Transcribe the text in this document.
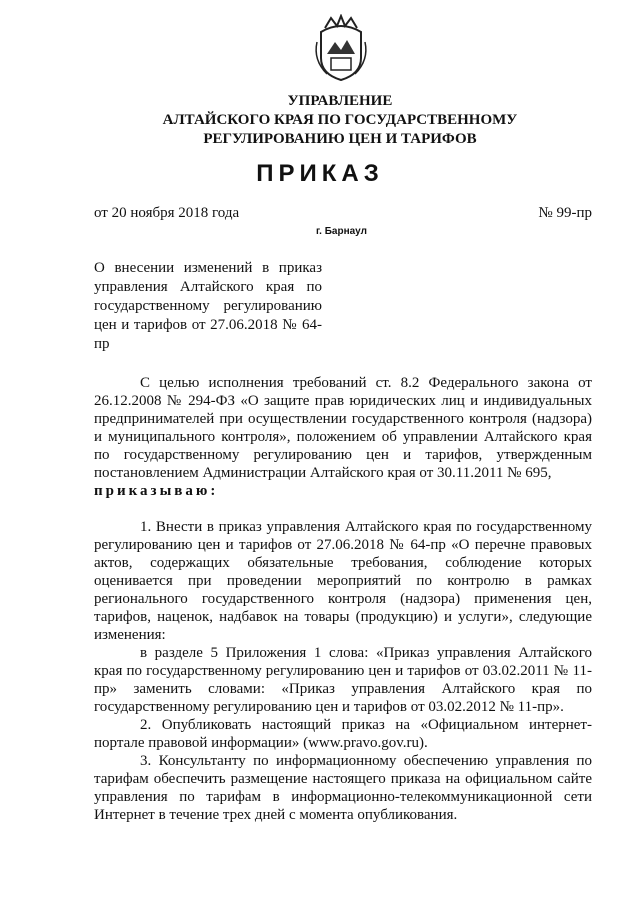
УПРАВЛЕНИЕ
АЛТАЙСКОГО КРАЯ ПО ГОСУДАРСТВЕННОМУ
РЕГУЛИРОВАНИЮ ЦЕН И ТАРИФОВ
ПРИКАЗ
от 20 ноября 2018 года	№ 99-пр
г. Барнаул
О внесении изменений в приказ управления Алтайского края по государственному регулированию цен и тарифов от 27.06.2018 № 64-пр

С целью исполнения требований ст. 8.2 Федерального закона от 26.12.2008 № 294-ФЗ «О защите прав юридических лиц и индивидуальных предпринимателей при осуществлении государственного контроля (надзора) и муниципального контроля», положением об управлении Алтайского края по государственному регулированию цен и тарифов, утвержденным постановлением Администрации Алтайского края от 30.11.2011 № 695,

приказываю:

1. Внести в приказ управления Алтайского края по государственному регулированию цен и тарифов от 27.06.2018 № 64-пр «О перечне правовых актов, содержащих обязательные требования, соблюдение которых оценивается при проведении мероприятий по контролю в рамках регионального государственного контроля (надзора) применения цен, тарифов, наценок, надбавок на товары (продукцию) и услуги», следующие изменения:

в разделе 5 Приложения 1 слова: «Приказ управления Алтайского края по государственному регулированию цен и тарифов от 03.02.2011 № 11-пр» заменить словами: «Приказ управления Алтайского края по государственному регулированию цен и тарифов от 03.02.2012 № 11-пр».

2. Опубликовать настоящий приказ на «Официальном интернет-портале правовой информации» (www.pravo.gov.ru).

3. Консультанту по информационному обеспечению управления по тарифам обеспечить размещение настоящего приказа на официальном сайте управления по тарифам в информационно-телекоммуникационной сети Интернет в течение трех дней с момента опубликования.
